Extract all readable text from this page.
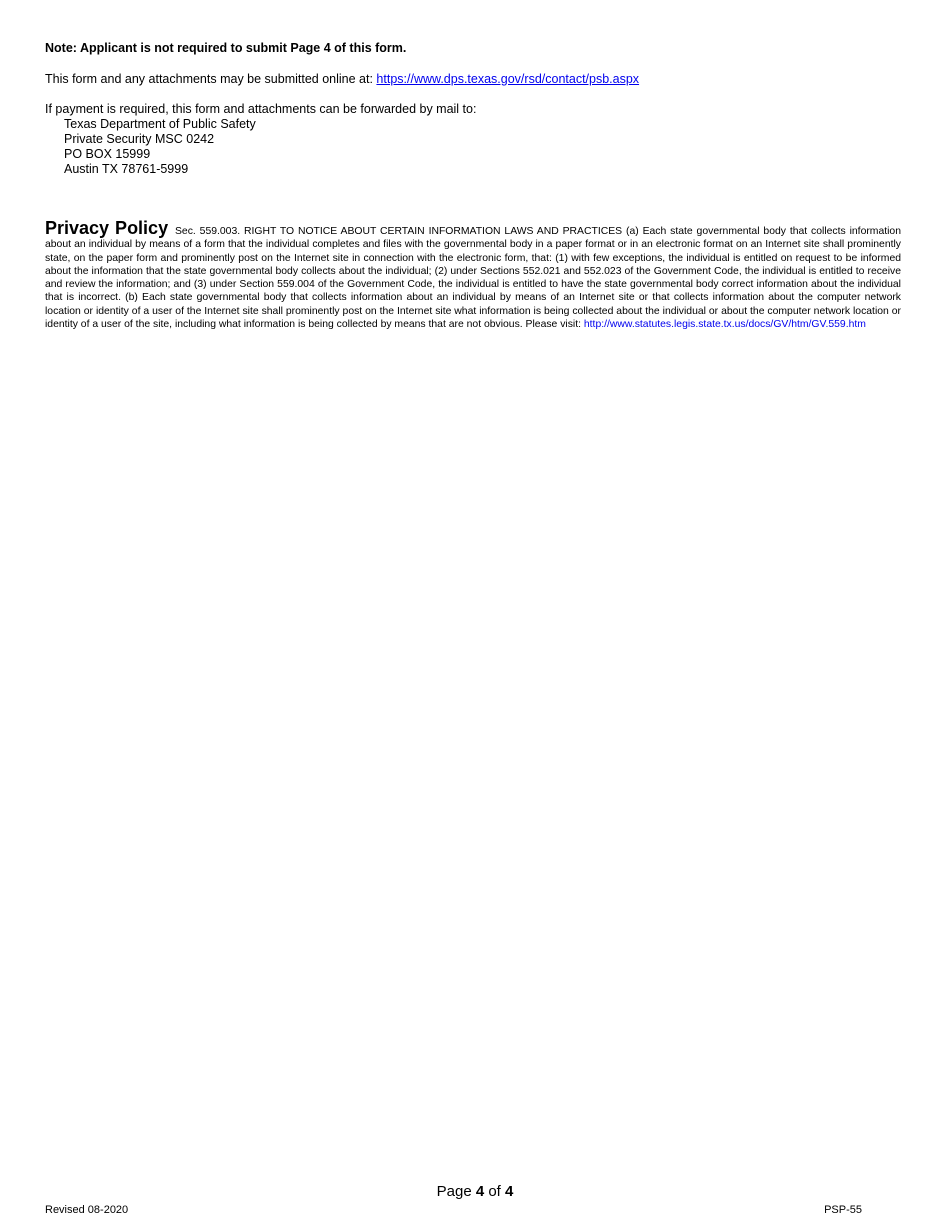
Note: Applicant is not required to submit Page 4 of this form.
This form and any attachments may be submitted online at: https://www.dps.texas.gov/rsd/contact/psb.aspx
If payment is required, this form and attachments can be forwarded by mail to:
Texas Department of Public Safety
Private Security MSC 0242
PO BOX 15999
Austin TX 78761-5999
Privacy Policy Sec. 559.003. RIGHT TO NOTICE ABOUT CERTAIN INFORMATION LAWS AND PRACTICES (a) Each state governmental body that collects information about an individual by means of a form that the individual completes and files with the governmental body in a paper format or in an electronic format on an Internet site shall prominently state, on the paper form and prominently post on the Internet site in connection with the electronic form, that: (1) with few exceptions, the individual is entitled on request to be informed about the information that the state governmental body collects about the individual; (2) under Sections 552.021 and 552.023 of the Government Code, the individual is entitled to receive and review the information; and (3) under Section 559.004 of the Government Code, the individual is entitled to have the state governmental body correct information about the individual that is incorrect. (b) Each state governmental body that collects information about an individual by means of an Internet site or that collects information about the computer network location or identity of a user of the Internet site shall prominently post on the Internet site what information is being collected about the individual or about the computer network location or identity of a user of the site, including what information is being collected by means that are not obvious. Please visit: http://www.statutes.legis.state.tx.us/docs/GV/htm/GV.559.htm
Page 4 of 4
Revised 08-2020	PSP-55
